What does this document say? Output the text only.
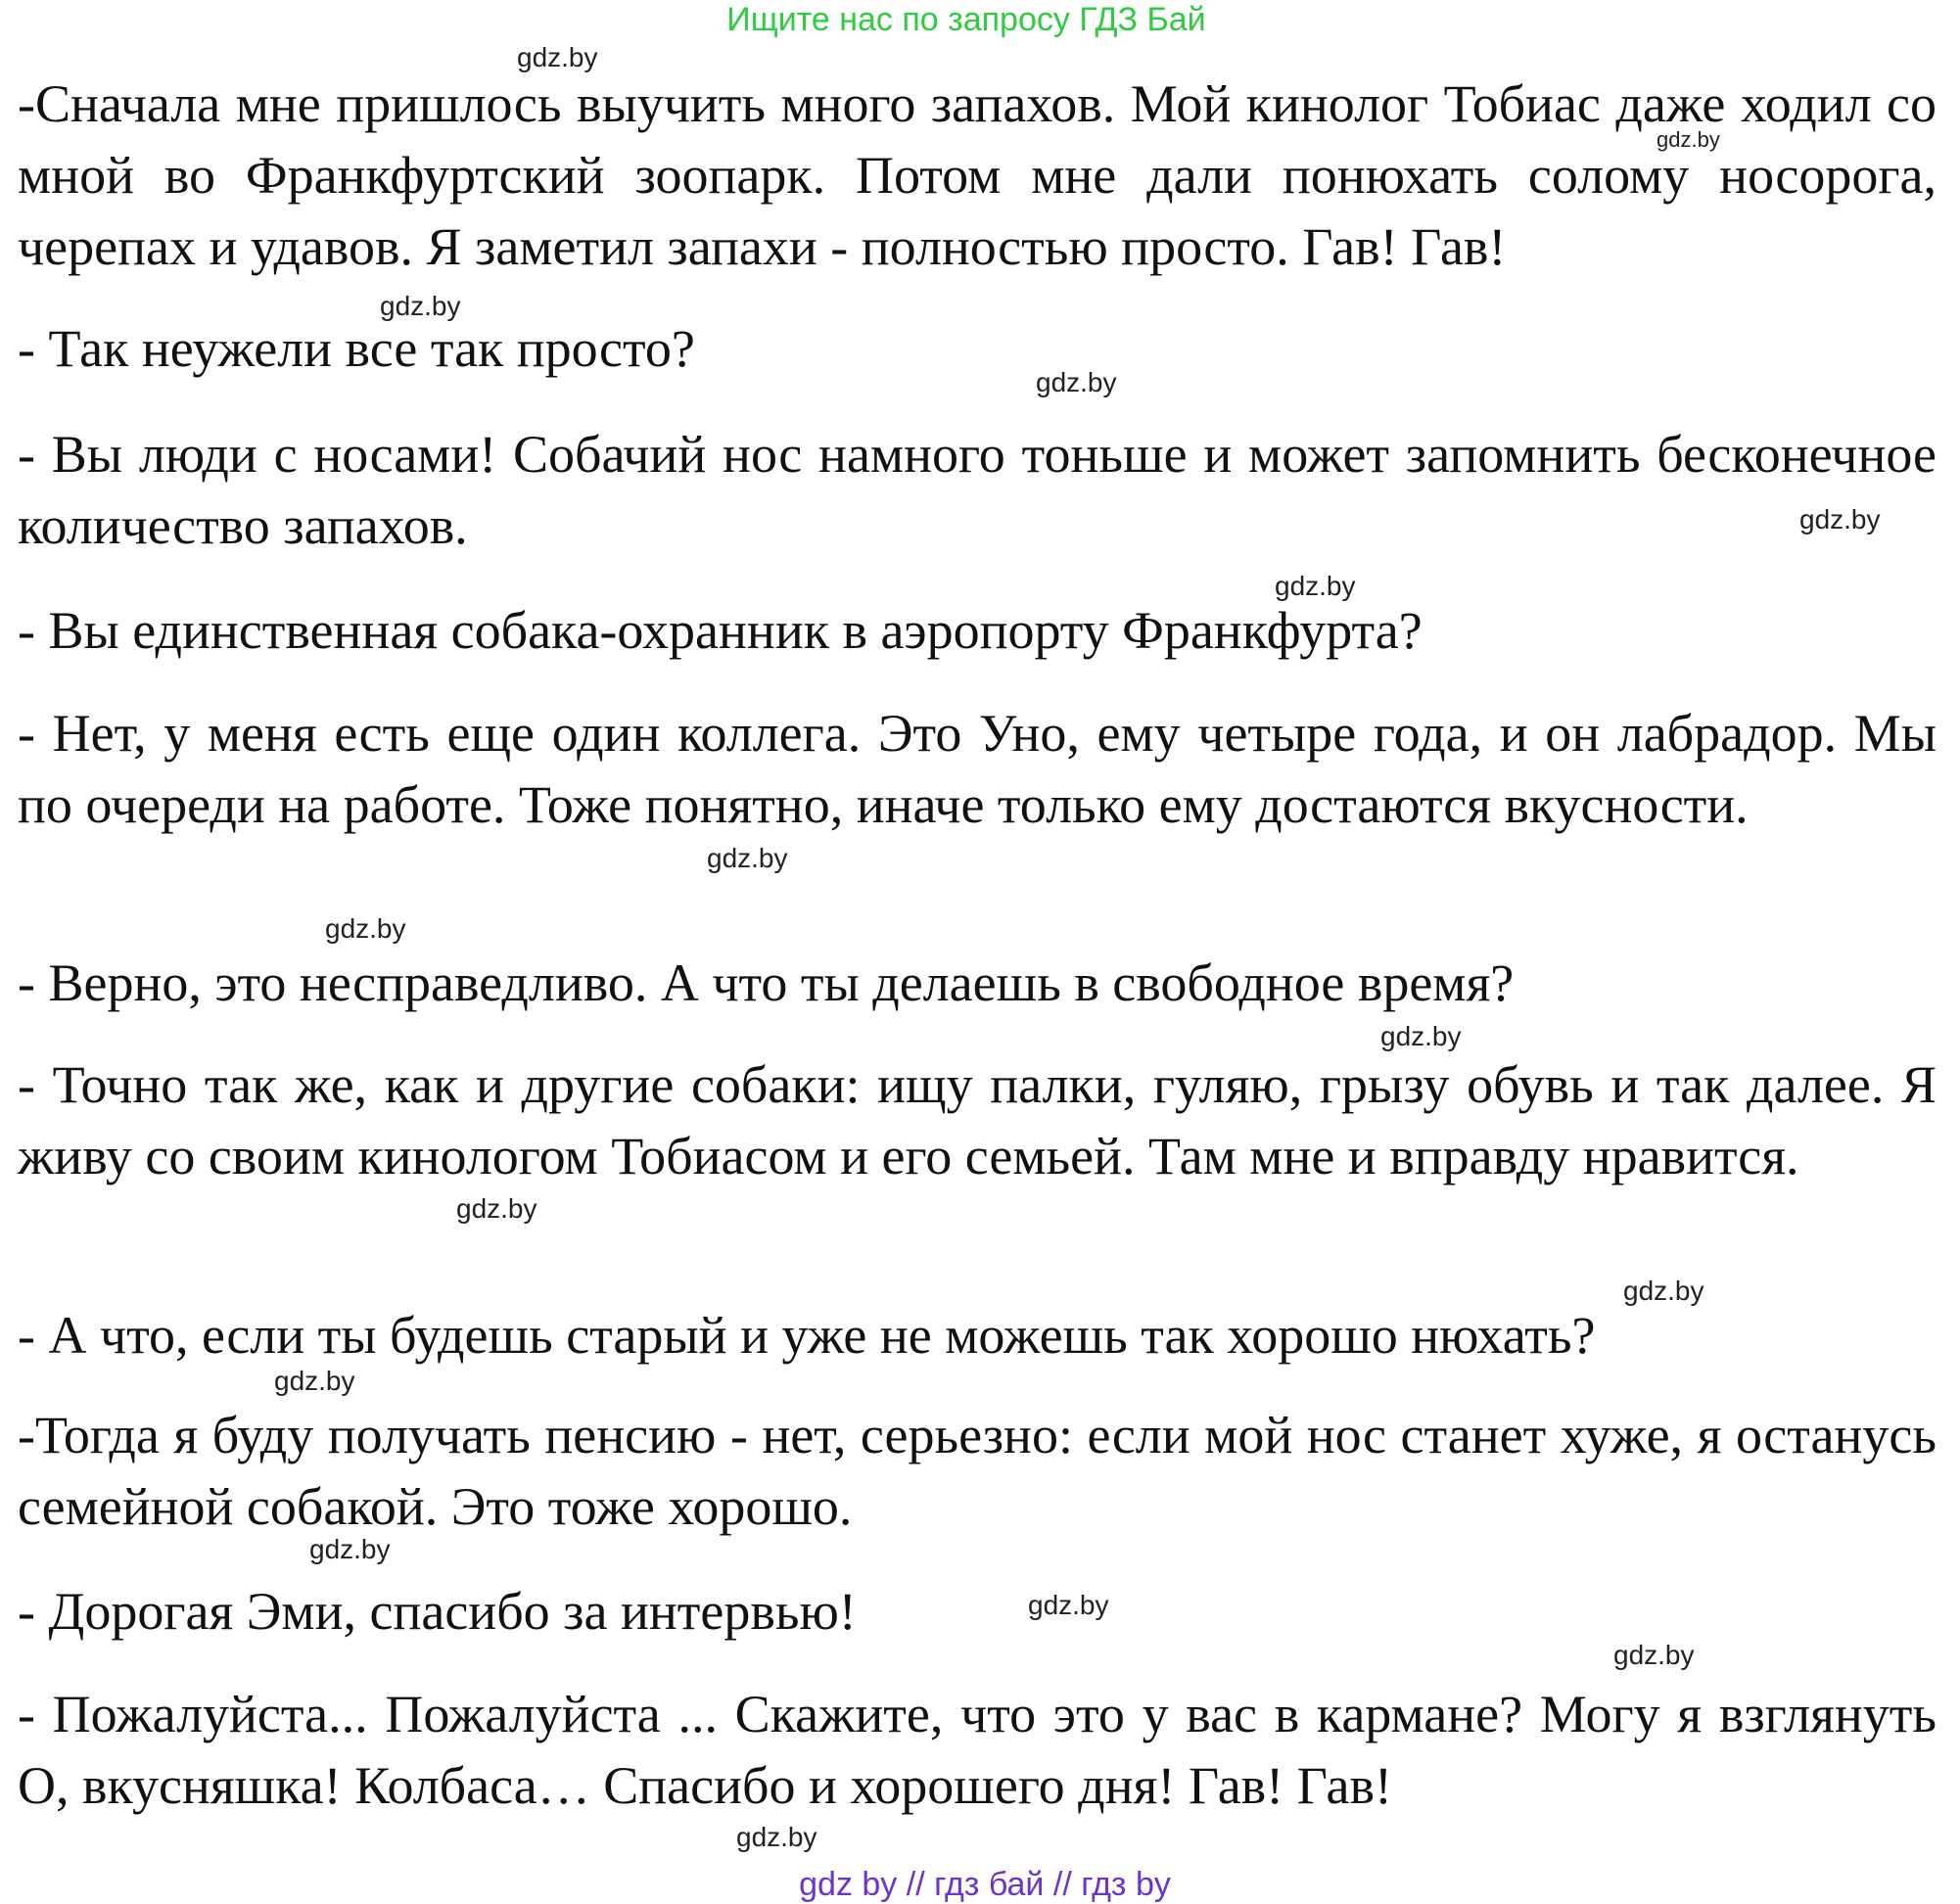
Ищите нас по запросу ГДЗ Бай

-Сначала мне пришлось выучить много запахов. Мой кинолог Тобиас даже ходил со мной во Франкфуртский зоопарк. Потом мне дали понюхать солому носорога, черепах и удавов. Я заметил запахи - полностью просто. Гав! Гав!

- Так неужели все так просто?

- Вы люди с носами! Собачий нос намного тоньше и может запомнить бесконечное количество запахов.

- Вы единственная собака-охранник в аэропорту Франкфурта?

- Нет, у меня есть еще один коллега. Это Уно, ему четыре года, и он лабрадор. Мы по очереди на работе. Тоже понятно, иначе только ему достаются вкусности.

- Верно, это несправедливо. А что ты делаешь в свободное время?

- Точно так же, как и другие собаки: ищу палки, гуляю, грызу обувь и так далее. Я живу со своим кинологом Тобиасом и его семьей. Там мне и вправду нравится.

- А что, если ты будешь старый и уже не можешь так хорошо нюхать?

-Тогда я буду получать пенсию - нет, серьезно: если мой нос станет хуже, я останусь семейной собакой. Это тоже хорошо.

- Дорогая Эми, спасибо за интервью!

- Пожалуйста... Пожалуйста ... Скажите, что это у вас в кармане? Могу я взглянуть О, вкусняшка! Колбаса… Спасибо и хорошего дня! Гав! Гав!

gdz.by
gdz.by
gdz.by
gdz.by
gdz.by
gdz.by
gdz.by
gdz.by
gdz.by
gdz.by
gdz.by
gdz.by
gdz.by
gdz.by
gdz.by
gdz.by
gdz by // гдз бай // гдз by
